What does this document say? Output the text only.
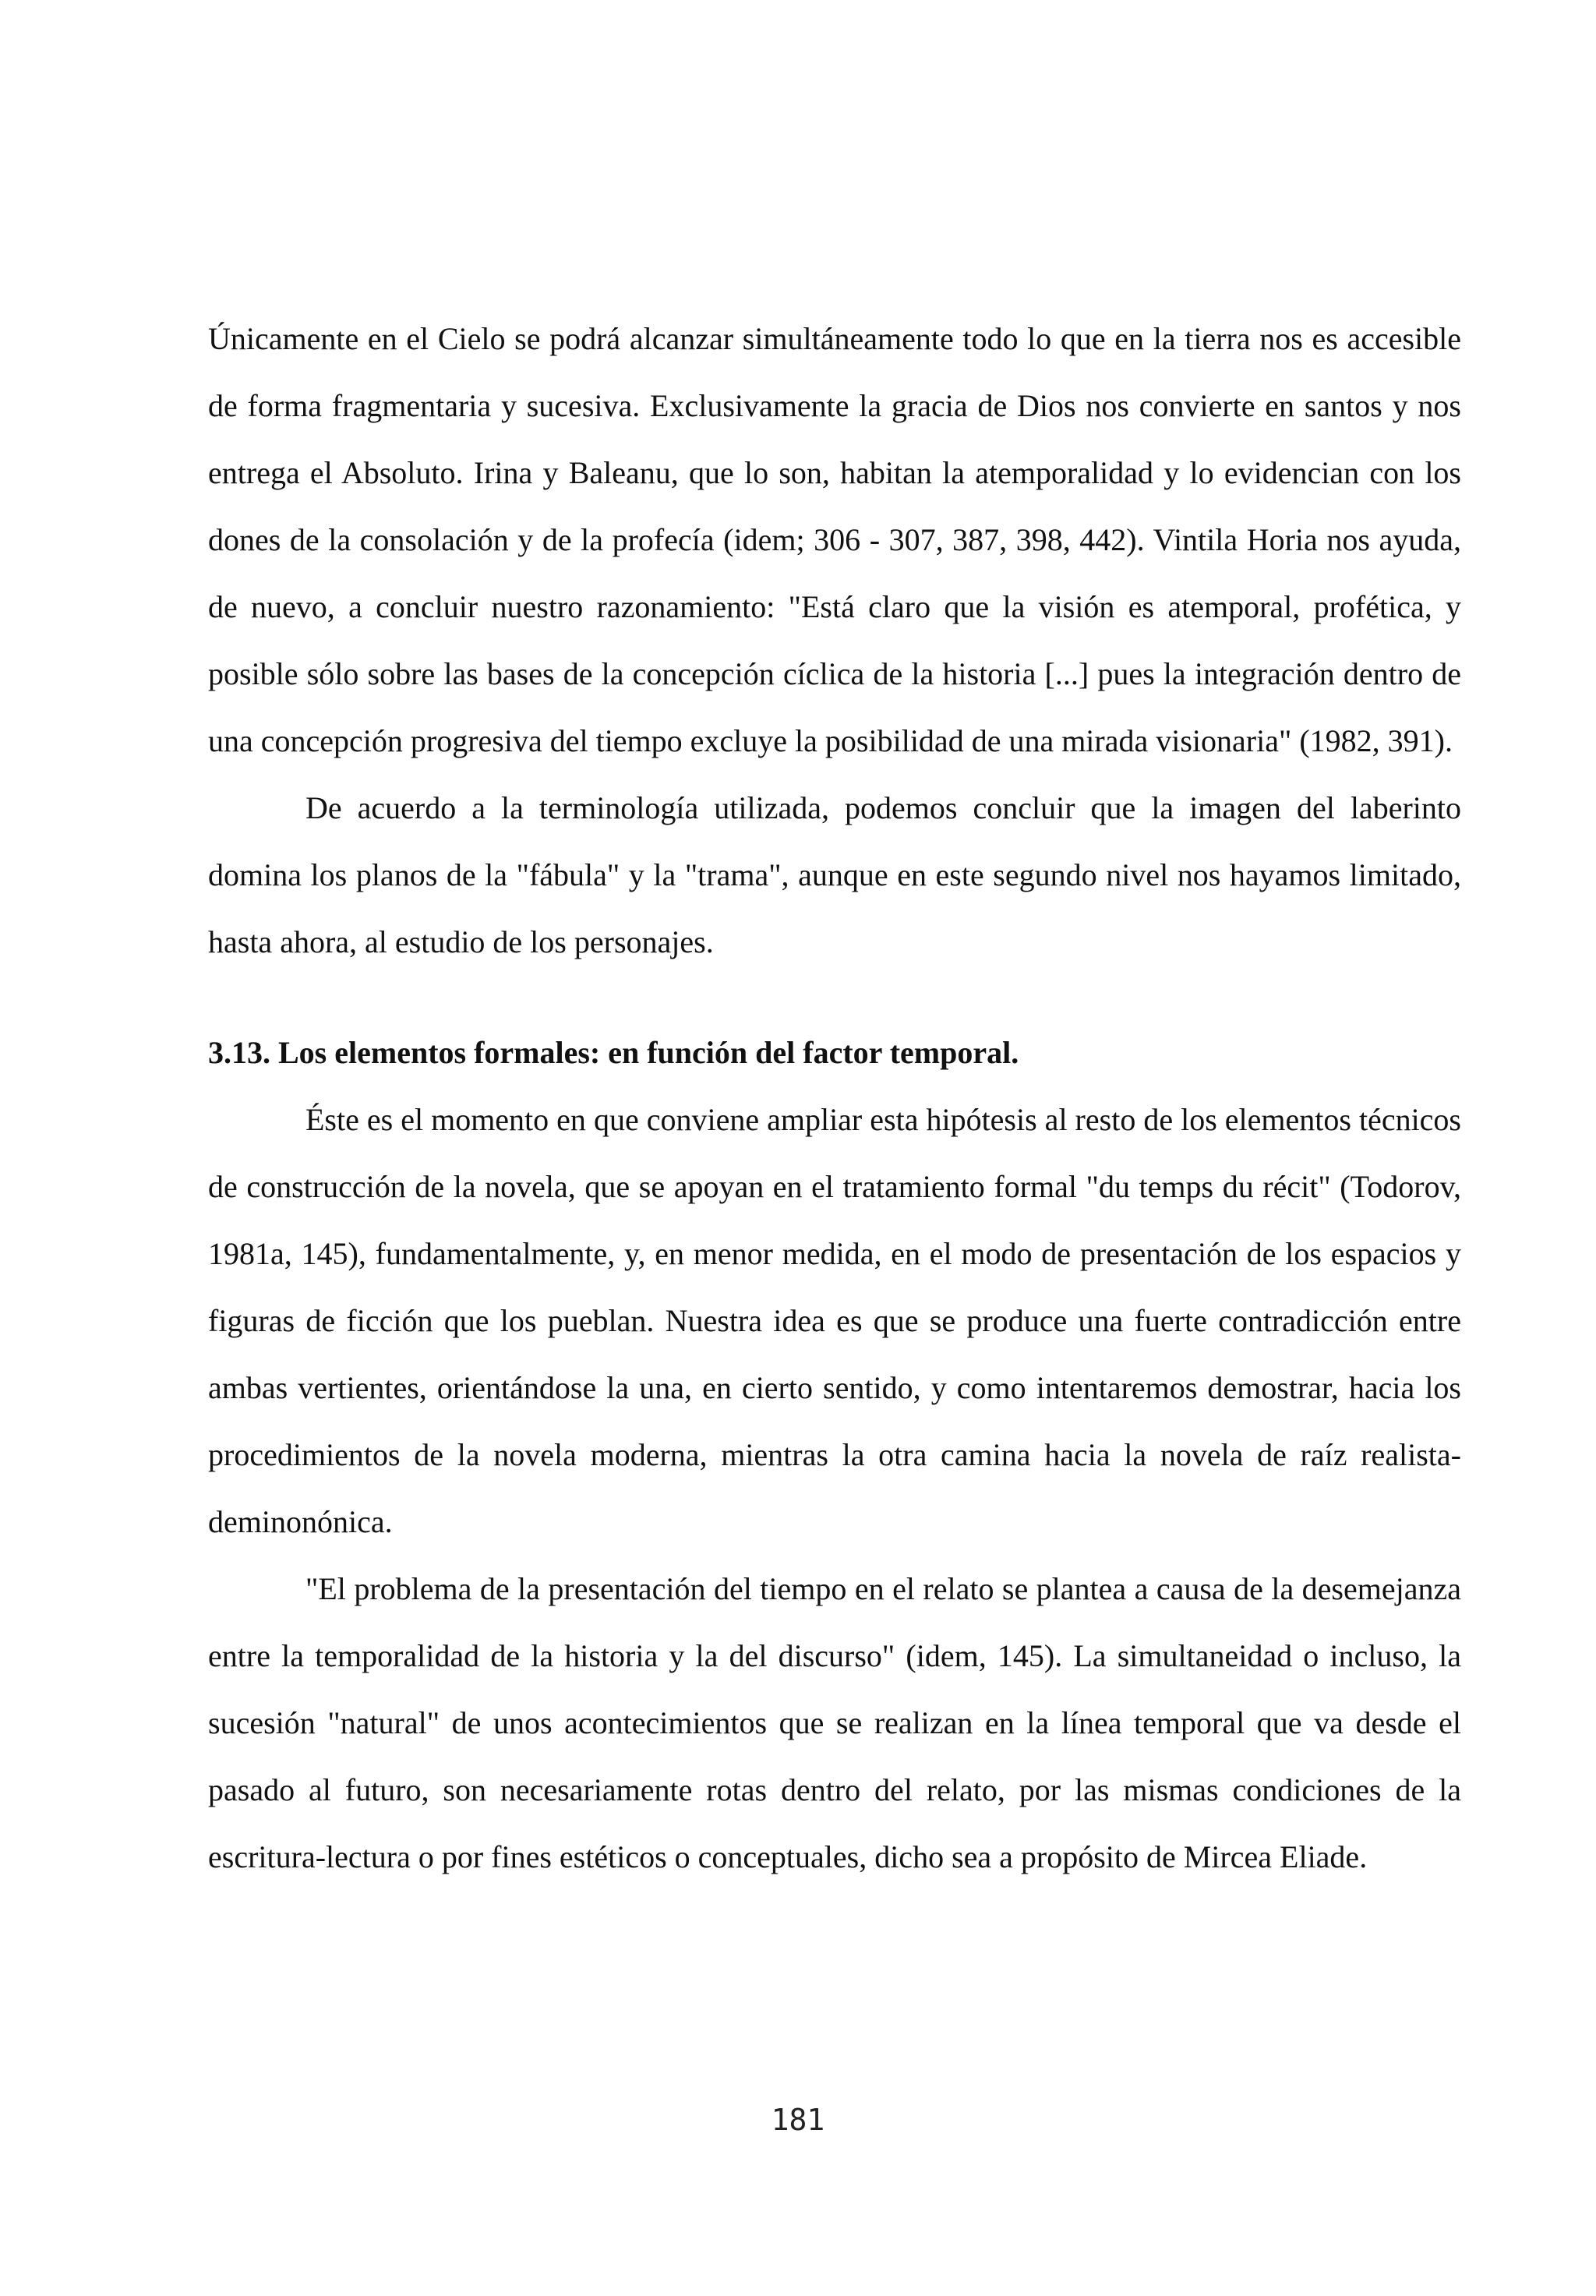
Únicamente en el Cielo se podrá alcanzar simultáneamente todo lo que en la tierra nos es accesible de forma fragmentaria y sucesiva. Exclusivamente la gracia de Dios nos convierte en santos y nos entrega el Absoluto. Irina y Baleanu, que lo son, habitan la atemporalidad y lo evidencian con los dones de la consolación y de la profecía (idem; 306 - 307, 387, 398, 442). Vintila Horia nos ayuda, de nuevo, a concluir nuestro razonamiento: "Está claro que la visión es atemporal, profética, y posible sólo sobre las bases de la concepción cíclica de la historia [...] pues la integración dentro de una concepción progresiva del tiempo excluye la posibilidad de una mirada visionaria" (1982, 391).

De acuerdo a la terminología utilizada, podemos concluir que la imagen del laberinto domina los planos de la "fábula" y la "trama", aunque en este segundo nivel nos hayamos limitado, hasta ahora, al estudio de los personajes.

3.13. Los elementos formales: en función del factor temporal.

Éste es el momento en que conviene ampliar esta hipótesis al resto de los elementos técnicos de construcción de la novela, que se apoyan en el tratamiento formal "du temps du récit" (Todorov, 1981a, 145), fundamentalmente, y, en menor medida, en el modo de presentación de los espacios y figuras de ficción que los pueblan. Nuestra idea es que se produce una fuerte contradicción entre ambas vertientes, orientándose la una, en cierto sentido, y como intentaremos demostrar, hacia los procedimientos de la novela moderna, mientras la otra camina hacia la novela de raíz realista-deminonónica.

"El problema de la presentación del tiempo en el relato se plantea a causa de la desemejanza entre la temporalidad de la historia y la del discurso" (idem, 145). La simultaneidad o incluso, la sucesión "natural" de unos acontecimientos que se realizan en la línea temporal que va desde el pasado al futuro, son necesariamente rotas dentro del relato, por las mismas condiciones de la escritura-lectura o por fines estéticos o conceptuales, dicho sea a propósito de Mircea Eliade.

181
